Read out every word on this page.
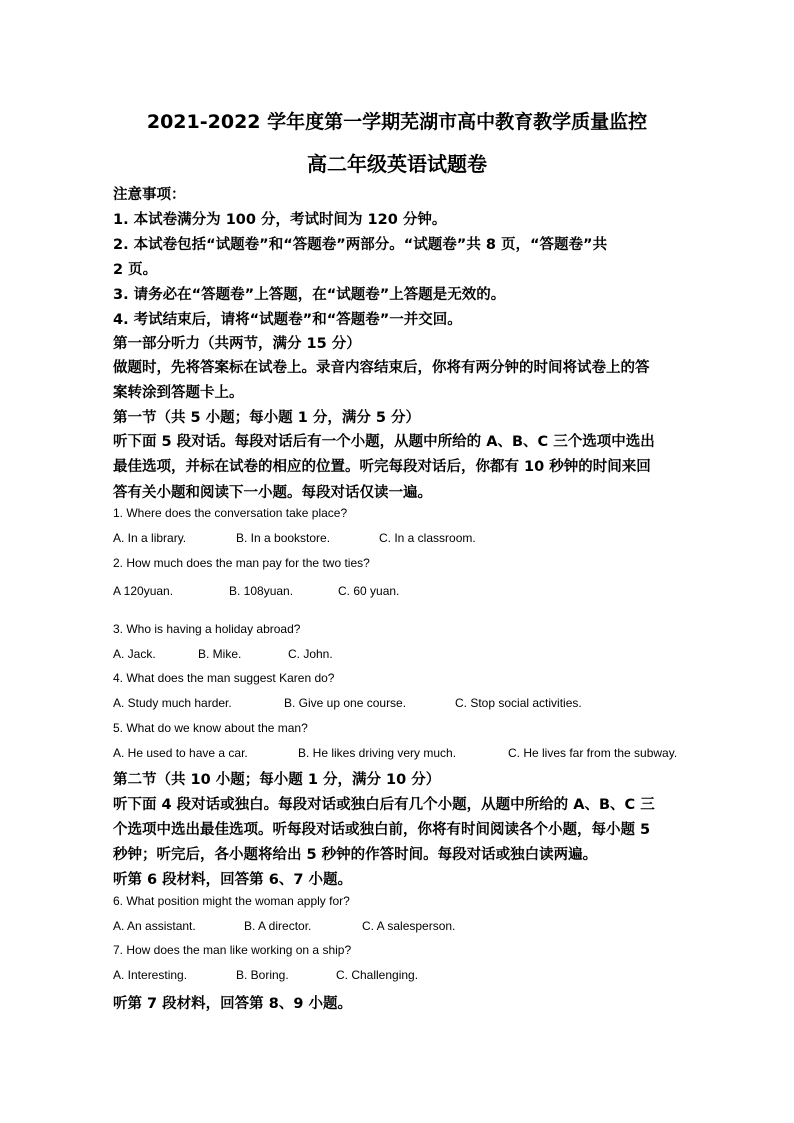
2021-2022 学年度第一学期芜湖市高中教育教学质量监控
高二年级英语试题卷
注意事项：
1. 本试卷满分为 100 分，考试时间为 120 分钟。
2. 本试卷包括“试题卷”和“答题卷”两部分。“试题卷”共 8 页，“答题卷”共
2 页。
3. 请务必在“答题卷”上答题，在“试题卷”上答题是无效的。
4. 考试结束后，请将“试题卷”和“答题卷”一并交回。
第一部分听力（共两节，满分 15 分）
做题时，先将答案标在试卷上。录音内容结束后，你将有两分钟的时间将试卷上的答
案转涂到答题卡上。
第一节（共 5 小题；每小题 1 分，满分 5 分）
听下面 5 段对话。每段对话后有一个小题，从题中所给的 A、B、C 三个选项中选出
最佳选项，并标在试卷的相应的位置。听完每段对话后，你都有 10 秒钟的时间来回
答有关小题和阅读下一小题。每段对话仅读一遍。
1. Where does the conversation take place?
A. In a library.	B. In a bookstore.	C. In a classroom.
2. How much does the man pay for the two ties?
A 120yuan.	B. 108yuan.	C. 60 yuan.
3. Who is having a holiday abroad?
A. Jack.	B. Mike.	C. John.
4. What does the man suggest Karen do?
A. Study much harder.	B. Give up one course.	C. Stop social activities.
5. What do we know about the man?
A. He used to have a car.	B. He likes driving very much.	C. He lives far from the subway.
第二节（共 10 小题；每小题 1 分，满分 10 分）
听下面 4 段对话或独白。每段对话或独白后有几个小题，从题中所给的 A、B、C 三
个选项中选出最佳选项。听每段对话或独白前，你将有时间阅读各个小题，每小题 5
秒钟；听完后，各小题将给出 5 秒钟的作答时间。每段对话或独白读两遍。
听第 6 段材料，回答第 6、7 小题。
6. What position might the woman apply for?
A. An assistant.	B. A director.	C. A salesperson.
7. How does the man like working on a ship?
A. Interesting.	B. Boring.	C. Challenging.
听第 7 段材料，回答第 8、9 小题。
